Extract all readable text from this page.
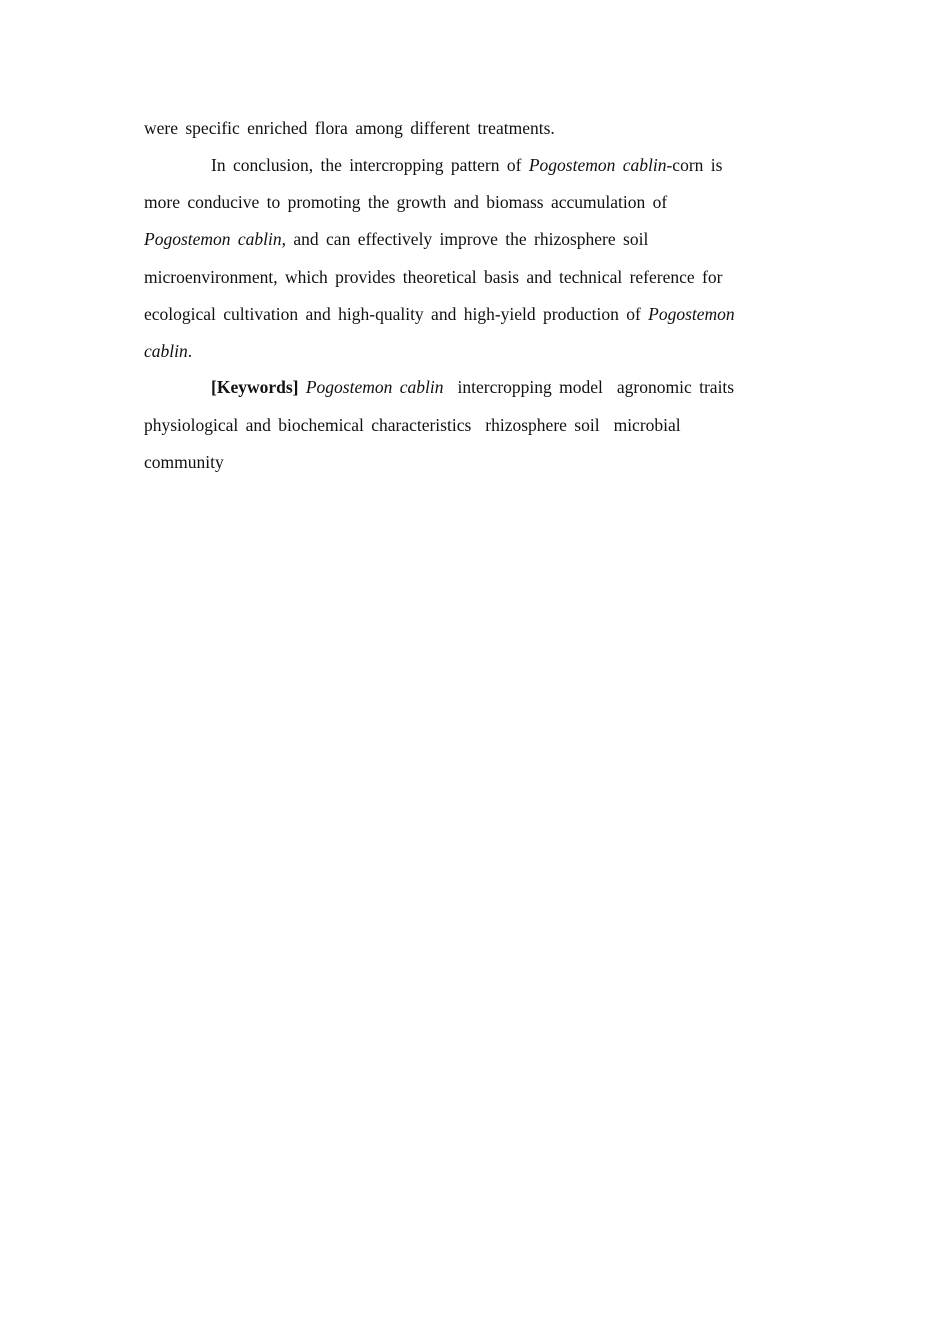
were specific enriched flora among different treatments.
In conclusion, the intercropping pattern of Pogostemon cablin-corn is
more conducive to promoting the growth and biomass accumulation of
Pogostemon cablin, and can effectively improve the rhizosphere soil
microenvironment, which provides theoretical basis and technical reference for
ecological cultivation and high-quality and high-yield production of Pogostemon
cablin.
[Keywords] Pogostemon cablin intercropping model agronomic traits
physiological and biochemical characteristics rhizosphere soil microbial
community
